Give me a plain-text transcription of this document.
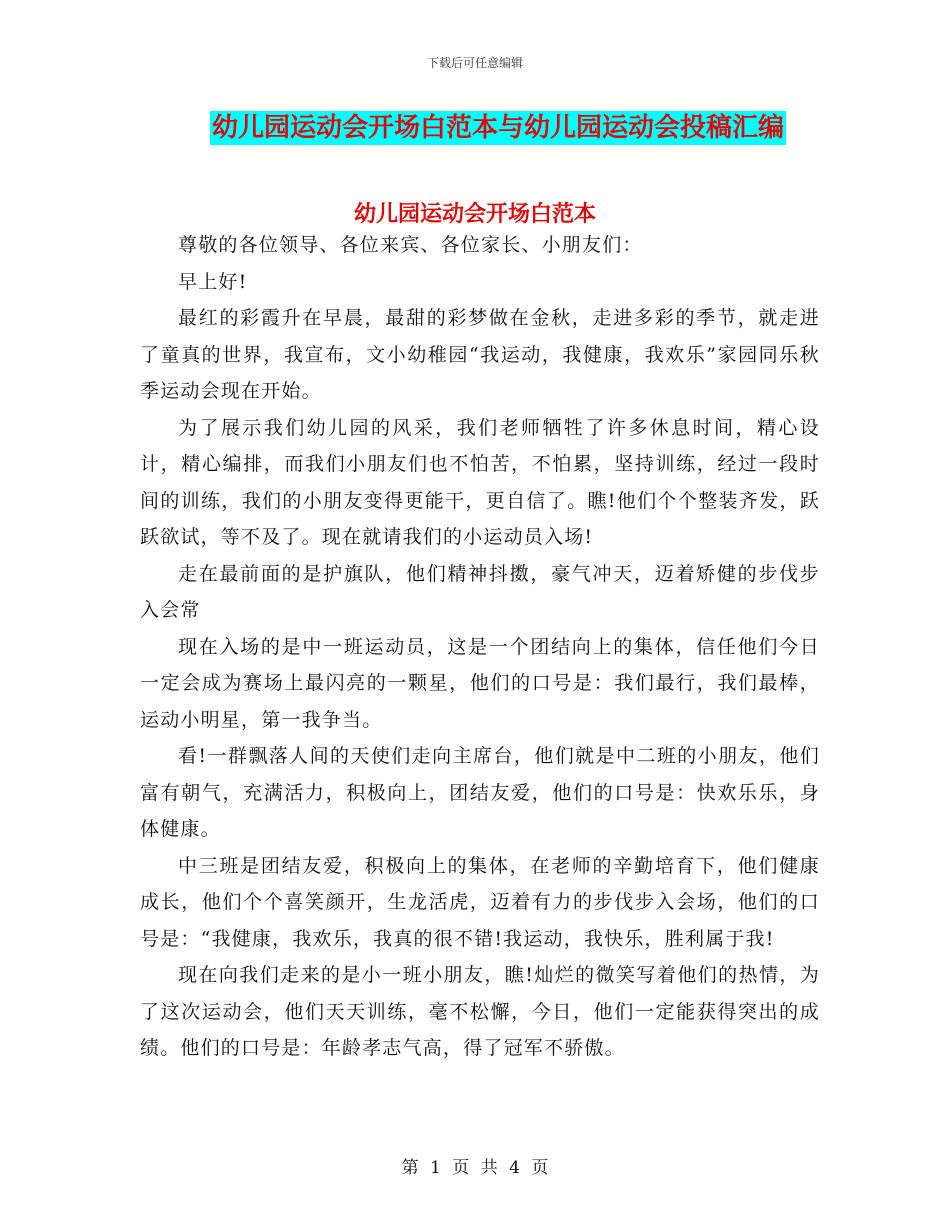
下载后可任意编辑
幼儿园运动会开场白范本与幼儿园运动会投稿汇编
幼儿园运动会开场白范本

尊敬的各位领导、各位来宾、各位家长、小朋友们：

早上好!

最红的彩霞升在早晨，最甜的彩梦做在金秋，走进多彩的季节，就走进了童真的世界，我宣布，文小幼稚园“我运动，我健康，我欢乐”家园同乐秋季运动会现在开始。

为了展示我们幼儿园的风采，我们老师牺牲了许多休息时间，精心设计，精心编排，而我们小朋友们也不怕苦，不怕累，坚持训练，经过一段时间的训练，我们的小朋友变得更能干，更自信了。瞧!他们个个整装齐发，跃跃欲试，等不及了。现在就请我们的小运动员入场!

走在最前面的是护旗队，他们精神抖擞，豪气冲天，迈着矫健的步伐步入会常

现在入场的是中一班运动员，这是一个团结向上的集体，信任他们今日一定会成为赛场上最闪亮的一颗星，他们的口号是：我们最行，我们最棒，运动小明星，第一我争当。

看!一群飘落人间的天使们走向主席台，他们就是中二班的小朋友，他们富有朝气，充满活力，积极向上，团结友爱，他们的口号是：快欢乐乐，身体健康。

中三班是团结友爱，积极向上的集体，在老师的辛勤培育下，他们健康成长，他们个个喜笑颜开，生龙活虎，迈着有力的步伐步入会场，他们的口号是：“我健康，我欢乐，我真的很不错!我运动，我快乐，胜利属于我!

现在向我们走来的是小一班小朋友，瞧!灿烂的微笑写着他们的热情，为了这次运动会，他们天天训练，毫不松懈，今日，他们一定能获得突出的成绩。他们的口号是：年龄孝志气高，得了冠军不骄傲。

第 1 页 共 4 页
